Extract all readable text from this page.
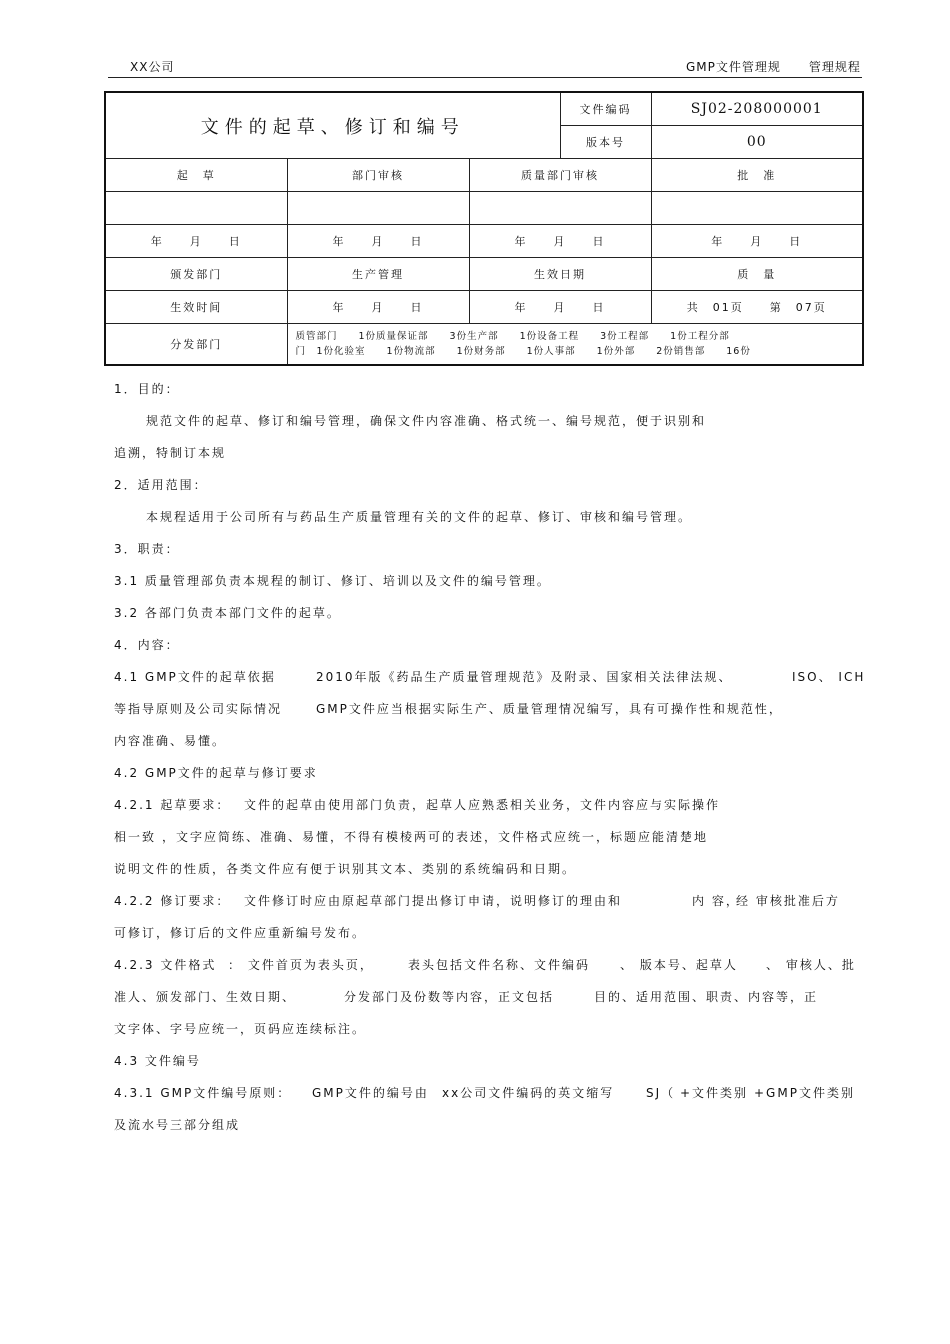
XX公司	GMP文件管理规 管理规程
文件的起草、修订和编号			文件编码	SJ02-208000001
			版本号	00
起　草	部门审核	质量部门审核		批　准

年　　月　　日	年　　月　　日	年　　月　　日		年　　月　　日
颁发部门	生产管理	生效日期		质　量
生效时间	年　　月　　日	年　　月　　日		共　01页　　第　07页
分发部门	质管部门　　1份质量保证部　　3份生产部　　1份设备工程　　3份工程部　　1份工程分部
门　1份化验室　　1份物流部　　1份财务部　　1份人事部　　1份外部　　2份销售部　　16份			
1．目的：
规范文件的起草、修订和编号管理，确保文件内容准确、格式统一、编号规范，便于识别和
追溯，特制订本规
2．适用范围：
本规程适用于公司所有与药品生产质量管理有关的文件的起草、修订、审核和编号管理。
3．职责：
3.1 质量管理部负责本规程的制订、修订、培训以及文件的编号管理。
3.2 各部门负责本部门文件的起草。
4．内容：
4.1 GMP文件的起草依据	2010年版《药品生产质量管理规范》及附录、国家相关法律法规、	ISO、 ICH
等指导原则及公司实际情况	GMP文件应当根据实际生产、质量管理情况编写，具有可操作性和规范性，
内容准确、易懂。
4.2 GMP文件的起草与修订要求
4.2.1 起草要求： 文件的起草由使用部门负责，起草人应熟悉相关业务，文件内容应与实际操作
相一致 ，文字应简练、准确、易懂，不得有模棱两可的表述，文件格式应统一，标题应能清楚地
说明文件的性质，各类文件应有便于识别其文本、类别的系统编码和日期。
4.2.2 修订要求： 文件修订时应由原起草部门提出修订申请，说明修订的理由和	内 容，
经 审核批准后方
可修订，修订后的文件应重新编号发布。
4.2.3 文件格式 ： 文件首页为表头页，	表头包括文件名称、文件编码 、 版本号、起草人 、 审核人、批
准人、颁发部门、生效日期、	分发部门及份数等内容，正文包括	目的、适用范围、职责、内容等，正
文字体、字号应统一，页码应连续标注。
4.3 文件编号
4.3.1 GMP文件编号原则： GMP文件的编号由 xx公司文件编码的英文缩写	SJ（ +文件类别 +GMP文件类别
及流水号三部分组成
